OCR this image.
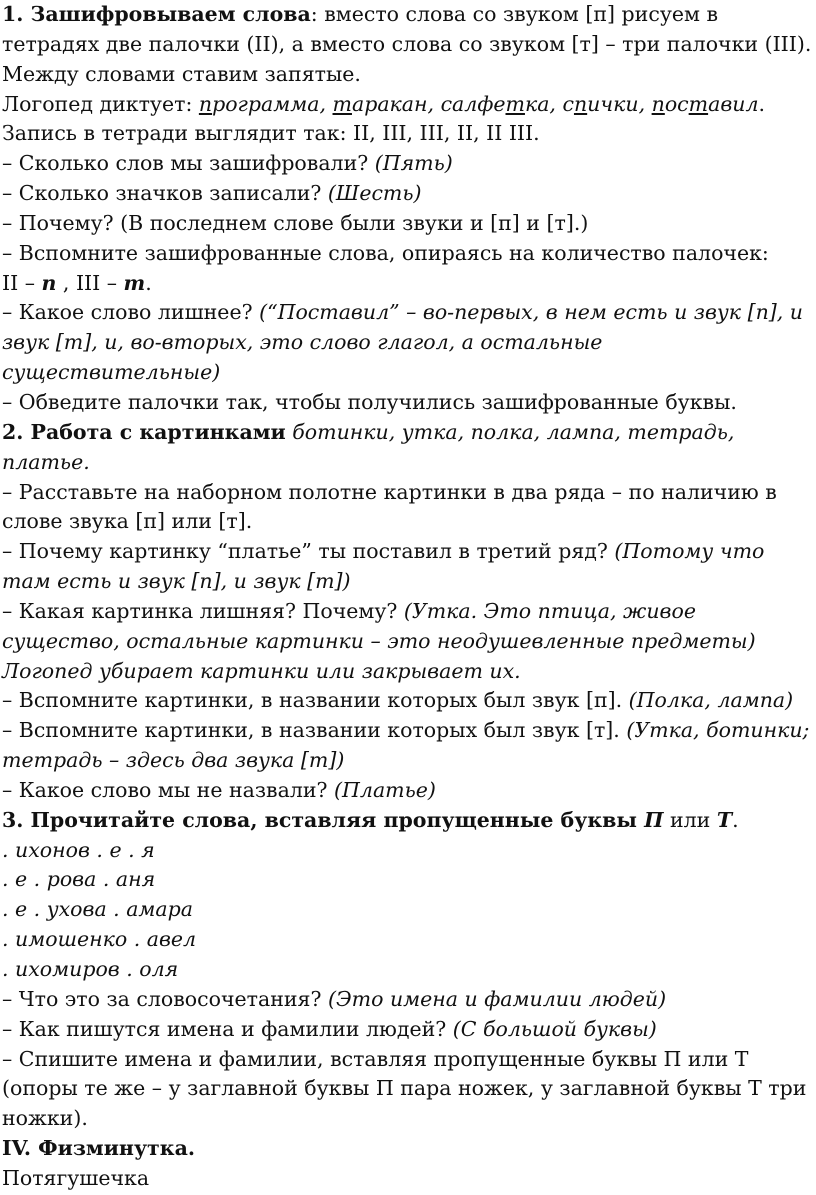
1. Зашифровываем слова: вместо слова со звуком [п] рисуем в тетрадях две палочки (II), а вместо слова со звуком [т] – три палочки (III). Между словами ставим запятые.

Логопед диктует: программа, таракан, салфетка, спички, поставил.

Запись в тетради выглядит так: II, III, III, II, II III.

– Сколько слов мы зашифровали? (Пять)

– Сколько значков записали? (Шесть)

– Почему? (В последнем слове были звуки и [п] и [т].)

– Вспомните зашифрованные слова, опираясь на количество палочек:

II – п , III – т.

– Какое слово лишнее? (“Поставил” – во-первых, в нем есть и звук [п], и звук [т], и, во-вторых, это слово глагол, а остальные существительные)

– Обведите палочки так, чтобы получились зашифрованные буквы.

2. Работа с картинками ботинки, утка, полка, лампа, тетрадь, платье.

– Расставьте на наборном полотне картинки в два ряда – по наличию в слове звука [п] или [т].

– Почему картинку “платье” ты поставил в третий ряд? (Потому что там есть и звук [п], и звук [т])

– Какая картинка лишняя? Почему? (Утка. Это птица, живое существо, остальные картинки – это неодушевленные предметы)

Логопед убирает картинки или закрывает их.

– Вспомните картинки, в названии которых был звук [п]. (Полка, лампа)

– Вспомните картинки, в названии которых был звук [т]. (Утка, ботинки; тетрадь – здесь два звука [т])

– Какое слово мы не назвали? (Платье)

3. Прочитайте слова, вставляя пропущенные буквы П или Т.

. ихонов . е . я

. е . рова . аня

. е . ухова . амара

. имошенко . авел

. ихомиров . оля

– Что это за словосочетания? (Это имена и фамилии людей)

– Как пишутся имена и фамилии людей? (С большой буквы)

– Спишите имена и фамилии, вставляя пропущенные буквы П или Т (опоры те же – у заглавной буквы П пара ножек, у заглавной буквы Т три ножки).

IV. Физминутка.

Потягушечка
